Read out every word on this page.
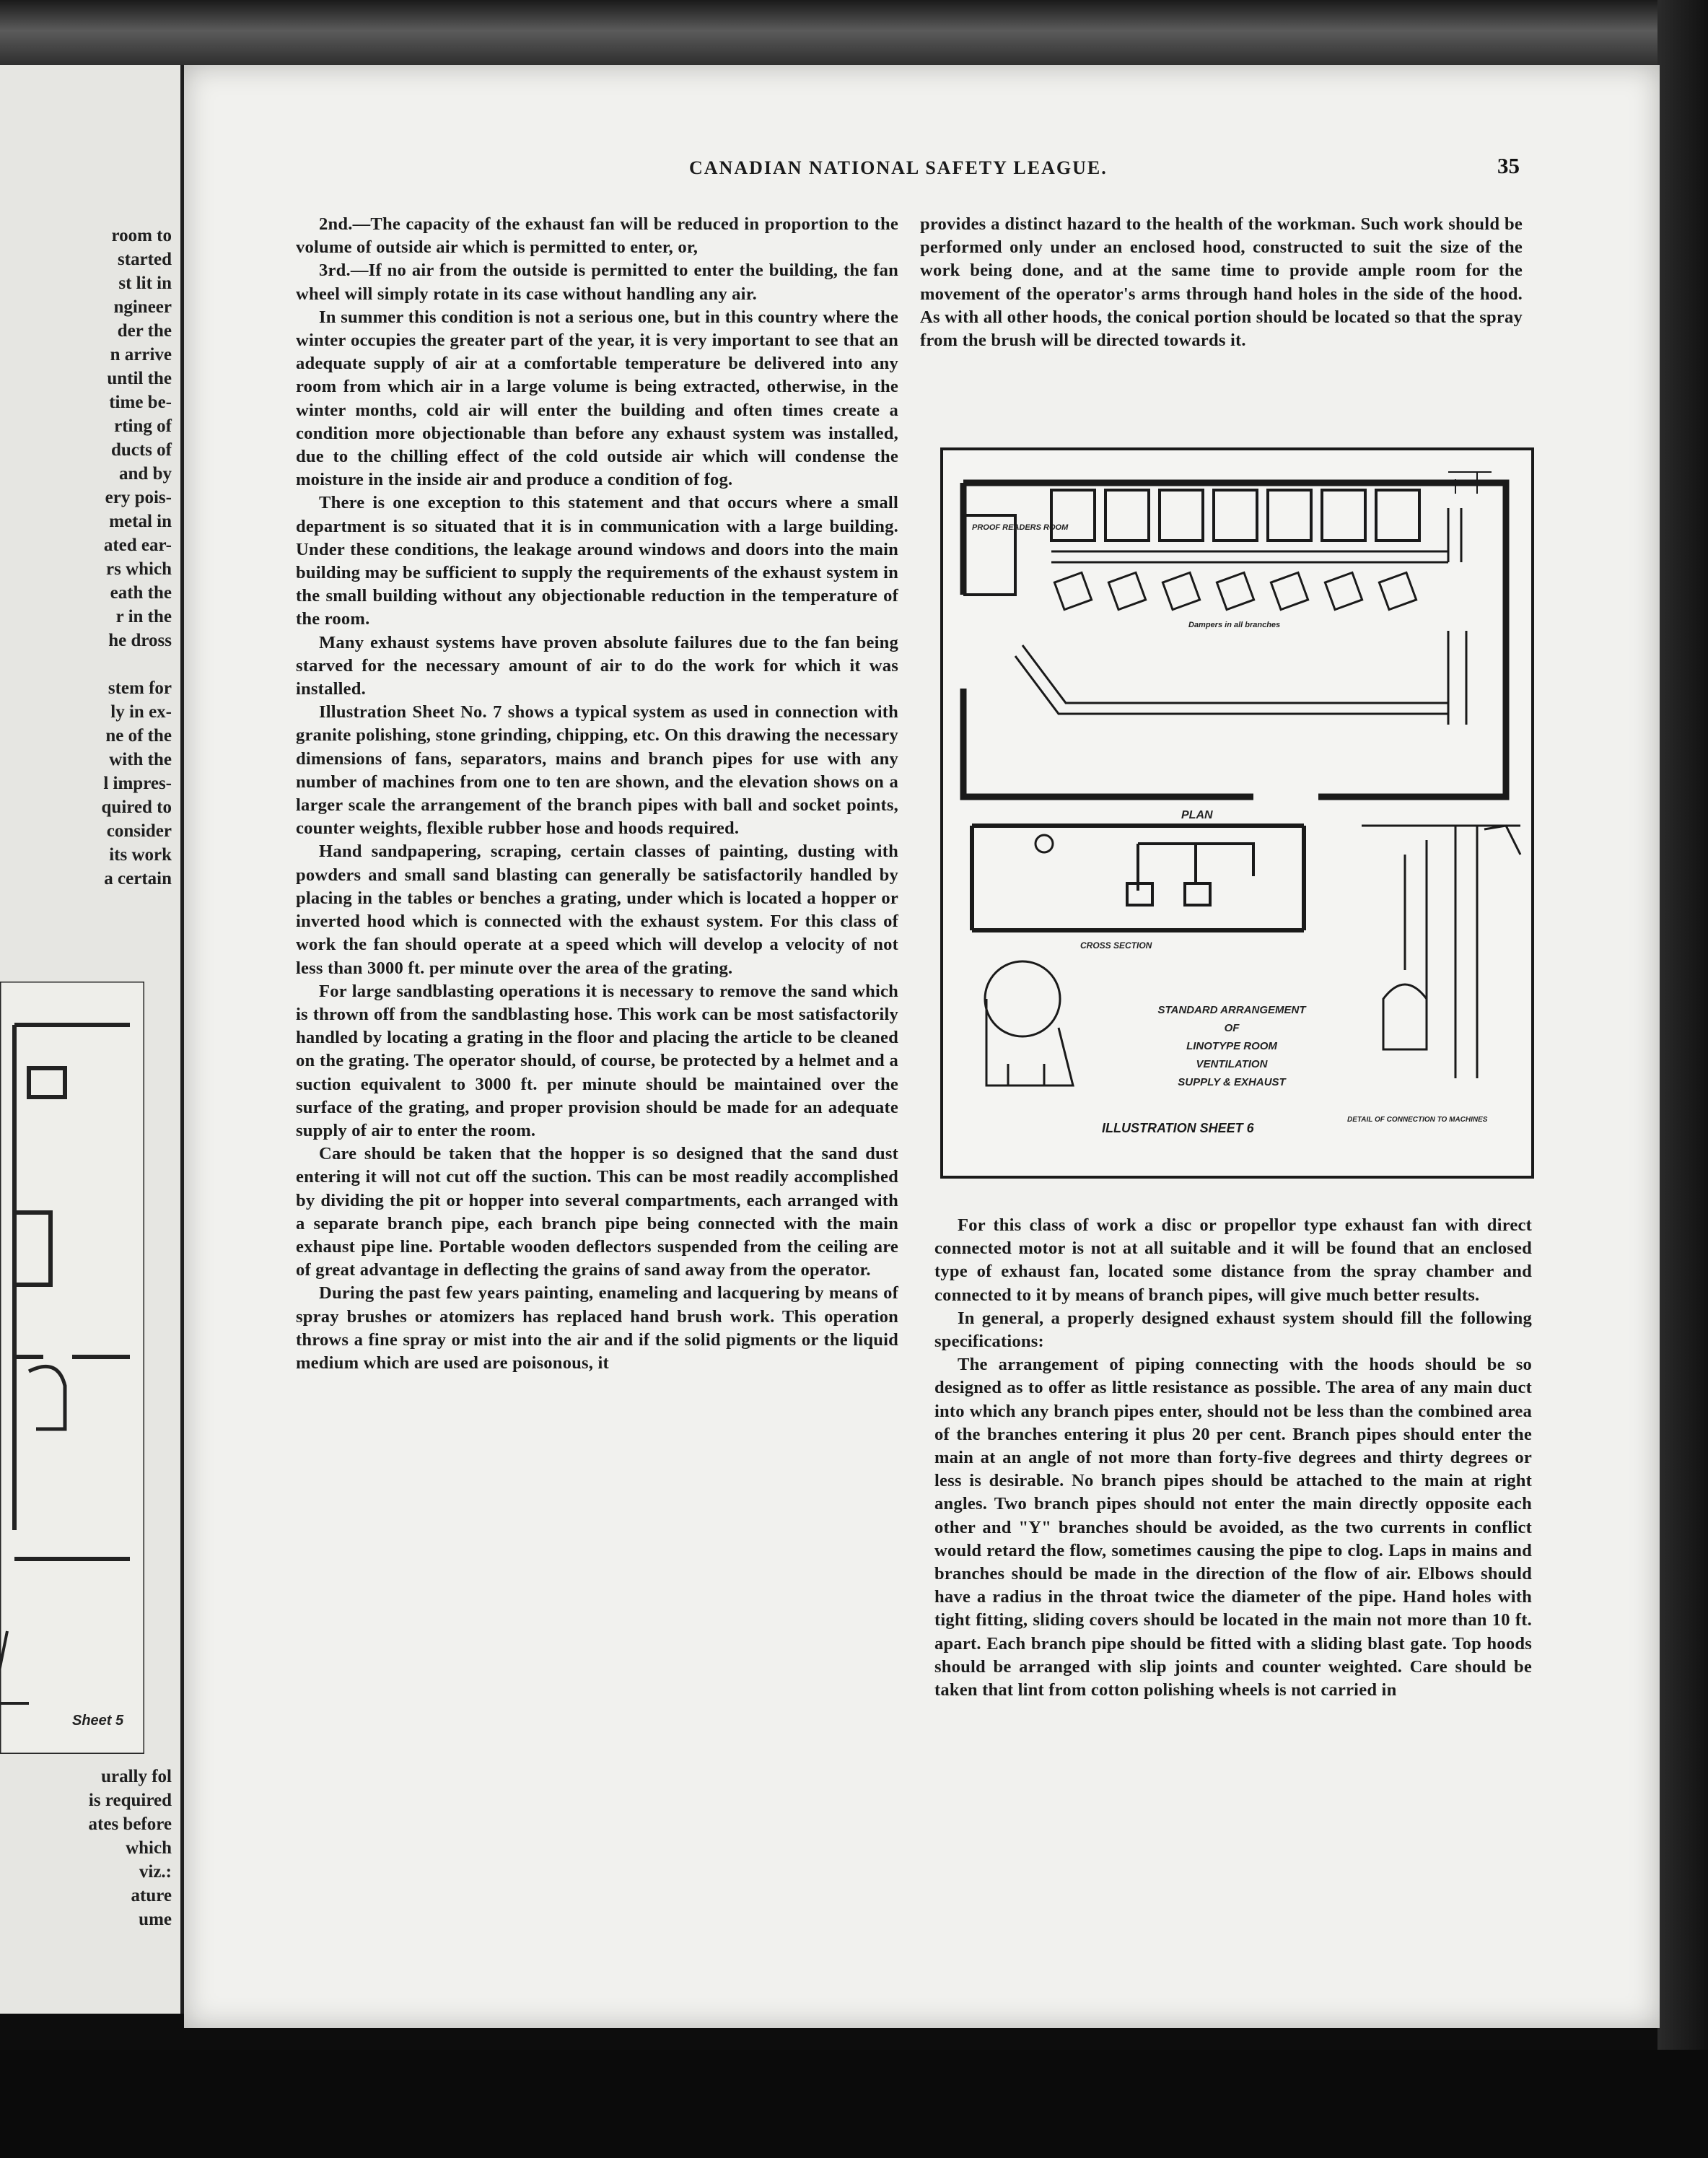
room to
started
st lit in
ngineer
der the
n arrive
until the
time be-
rting of
ducts of
and by
ery pois-
metal in
ated ear-
rs which
eath the
r in the
he dross

stem for
ly in ex-
ne of the
with the
l impres-
quired to
consider
its work
a certain
Sheet 5
urally fol
is required
ates before
which
viz.:
ature
ume
CANADIAN NATIONAL SAFETY LEAGUE.	35

2nd.—The capacity of the exhaust fan will be reduced in proportion to the volume of outside air which is permitted to enter, or,

3rd.—If no air from the outside is permitted to enter the building, the fan wheel will simply rotate in its case without handling any air.

In summer this condition is not a serious one, but in this country where the winter occupies the greater part of the year, it is very important to see that an adequate supply of air at a comfortable temperature be delivered into any room from which air in a large volume is being extracted, otherwise, in the winter months, cold air will enter the building and often times create a condition more objectionable than before any exhaust system was installed, due to the chilling effect of the cold outside air which will condense the moisture in the inside air and produce a condition of fog.

There is one exception to this statement and that occurs where a small department is so situated that it is in communication with a large building. Under these conditions, the leakage around windows and doors into the main building may be sufficient to supply the requirements of the exhaust system in the small building without any objectionable reduction in the temperature of the room.

Many exhaust systems have proven absolute failures due to the fan being starved for the necessary amount of air to do the work for which it was installed.

Illustration Sheet No. 7 shows a typical system as used in connection with granite polishing, stone grinding, chipping, etc. On this drawing the necessary dimensions of fans, separators, mains and branch pipes for use with any number of machines from one to ten are shown, and the elevation shows on a larger scale the arrangement of the branch pipes with ball and socket points, counter weights, flexible rubber hose and hoods required.

Hand sandpapering, scraping, certain classes of painting, dusting with powders and small sand blasting can generally be satisfactorily handled by placing in the tables or benches a grating, under which is located a hopper or inverted hood which is connected with the exhaust system. For this class of work the fan should operate at a speed which will develop a velocity of not less than 3000 ft. per minute over the area of the grating.

For large sandblasting operations it is necessary to remove the sand which is thrown off from the sandblasting hose. This work can be most satisfactorily handled by locating a grating in the floor and placing the article to be cleaned on the grating. The operator should, of course, be protected by a helmet and a suction equivalent to 3000 ft. per minute should be maintained over the surface of the grating, and proper provision should be made for an adequate supply of air to enter the room.

Care should be taken that the hopper is so designed that the sand dust entering it will not cut off the suction. This can be most readily accomplished by dividing the pit or hopper into several compartments, each arranged with a separate branch pipe, each branch pipe being connected with the main exhaust pipe line. Portable wooden deflectors suspended from the ceiling are of great advantage in deflecting the grains of sand away from the operator.

During the past few years painting, enameling and lacquering by means of spray brushes or atomizers has replaced hand brush work. This operation throws a fine spray or mist into the air and if the solid pigments or the liquid medium which are used are poisonous, it

provides a distinct hazard to the health of the workman. Such work should be performed only under an enclosed hood, constructed to suit the size of the work being done, and at the same time to provide ample room for the movement of the operator's arms through hand holes in the side of the hood. As with all other hoods, the conical portion should be located so that the spray from the brush will be directed towards it.

PROOF READERS ROOM
Dampers in all branches
PLAN
CROSS SECTION
DETAIL OF CONNECTION TO MACHINES
STANDARD ARRANGEMENT
OF
LINOTYPE ROOM
VENTILATION
SUPPLY & EXHAUST
ILLUSTRATION SHEET 6

For this class of work a disc or propellor type exhaust fan with direct connected motor is not at all suitable and it will be found that an enclosed type of exhaust fan, located some distance from the spray chamber and connected to it by means of branch pipes, will give much better results.

In general, a properly designed exhaust system should fill the following specifications:

The arrangement of piping connecting with the hoods should be so designed as to offer as little resistance as possible. The area of any main duct into which any branch pipes enter, should not be less than the combined area of the branches entering it plus 20 per cent. Branch pipes should enter the main at an angle of not more than forty-five degrees and thirty degrees or less is desirable. No branch pipes should be attached to the main at right angles. Two branch pipes should not enter the main directly opposite each other and "Y" branches should be avoided, as the two currents in conflict would retard the flow, sometimes causing the pipe to clog. Laps in mains and branches should be made in the direction of the flow of air. Elbows should have a radius in the throat twice the diameter of the pipe. Hand holes with tight fitting, sliding covers should be located in the main not more than 10 ft. apart. Each branch pipe should be fitted with a sliding blast gate. Top hoods should be arranged with slip joints and counter weighted. Care should be taken that lint from cotton polishing wheels is not carried in
